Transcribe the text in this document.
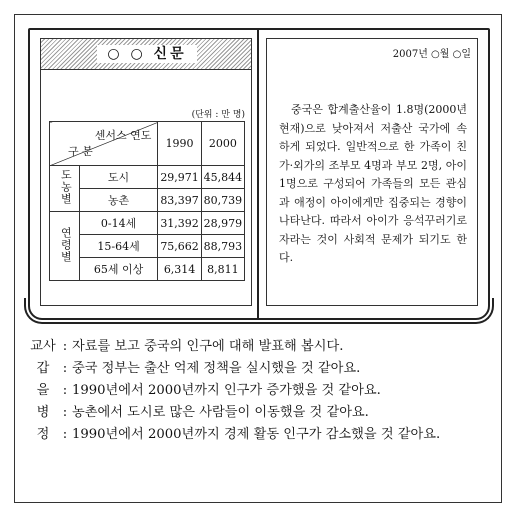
○ ○ 신문
(단위 : 만 명)
센서스 연도
구 분		1990	2000
도농별	도시	29,971	45,844
	농촌	83,397	80,739
연령별	0-14세	31,392	28,979
	15-64세	75,662	88,793
	65세 이상	6,314	8,811
2007년 ○월 ○일
중국은 합계출산율이 1.8명(2000년 현재)으로 낮아져서 저출산 국가에 속하게 되었다. 일반적으로 한 가족이 친가·외가의 조부모 4명과 부모 2명, 아이 1명으로 구성되어 가족들의 모든 관심과 애정이 아이에게만 집중되는 경향이 나타난다. 따라서 아이가 응석꾸러기로 자라는 것이 사회적 문제가 되기도 한다.
교사 : 자료를 보고 중국의 인구에 대해 발표해 봅시다.
갑	: 중국 정부는 출산 억제 정책을 실시했을 것 같아요.
을	: 1990년에서 2000년까지 인구가 증가했을 것 같아요.
병	: 농촌에서 도시로 많은 사람들이 이동했을 것 같아요.
정	: 1990년에서 2000년까지 경제 활동 인구가 감소했을 것 같아요.
